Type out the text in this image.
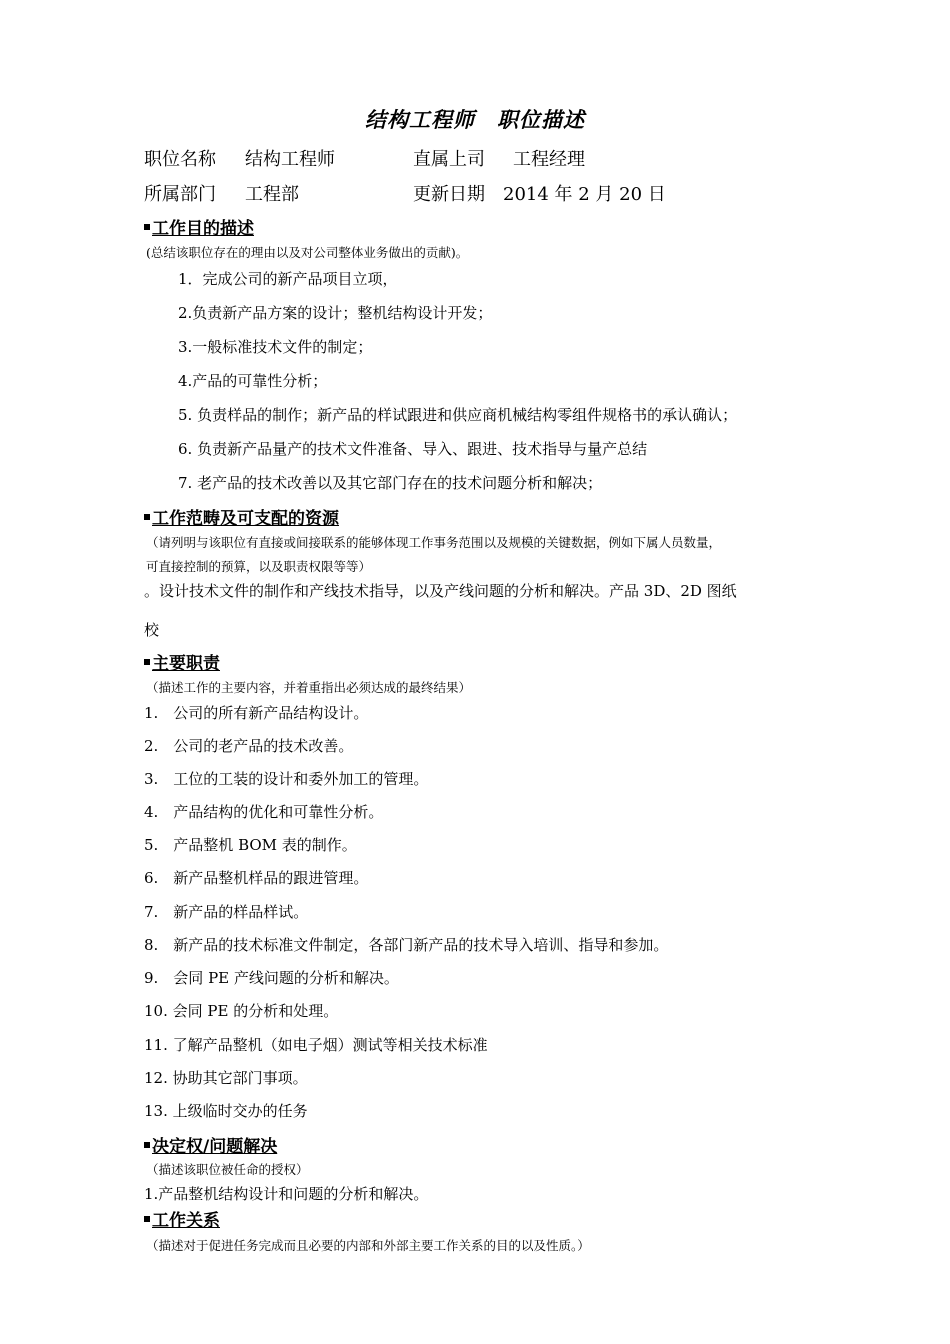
结构工程师 职位描述
职位名称 结构工程师	直属上司 工程经理
所属部门 工程部	更新日期 2014 年 2 月 20 日
工作目的描述
(总结该职位存在的理由以及对公司整体业务做出的贡献)。
1．完成公司的新产品项目立项，
2.负责新产品方案的设计；整机结构设计开发；
3.一般标准技术文件的制定；
4.产品的可靠性分析；
5. 负责样品的制作；新产品的样试跟进和供应商机械结构零组件规格书的承认确认；
6. 负责新产品量产的技术文件准备、导入、跟进、技术指导与量产总结
7. 老产品的技术改善以及其它部门存在的技术问题分析和解决；
工作范畴及可支配的资源
（请列明与该职位有直接或间接联系的能够体现工作事务范围以及规模的关键数据，例如下属人员数量，
可直接控制的预算，以及职责权限等等）
。设计技术文件的制作和产线技术指导，以及产线问题的分析和解决。产品 3D、2D 图纸
校
主要职责
（描述工作的主要内容，并着重指出必须达成的最终结果）
1.　公司的所有新产品结构设计。
2.　公司的老产品的技术改善。
3.　工位的工装的设计和委外加工的管理。
4.　产品结构的优化和可靠性分析。
5.　产品整机 BOM 表的制作。
6.　新产品整机样品的跟进管理。
7.　新产品的样品样试。
8.　新产品的技术标准文件制定，各部门新产品的技术导入培训、指导和参加。
9.　会同 PE 产线问题的分析和解决。
10. 会同 PE 的分析和处理。
11. 了解产品整机（如电子烟）测试等相关技术标准
12. 协助其它部门事项。
13. 上级临时交办的任务
决定权/问题解决
（描述该职位被任命的授权）
1.产品整机结构设计和问题的分析和解决。
工作关系
（描述对于促进任务完成而且必要的内部和外部主要工作关系的目的以及性质。）
